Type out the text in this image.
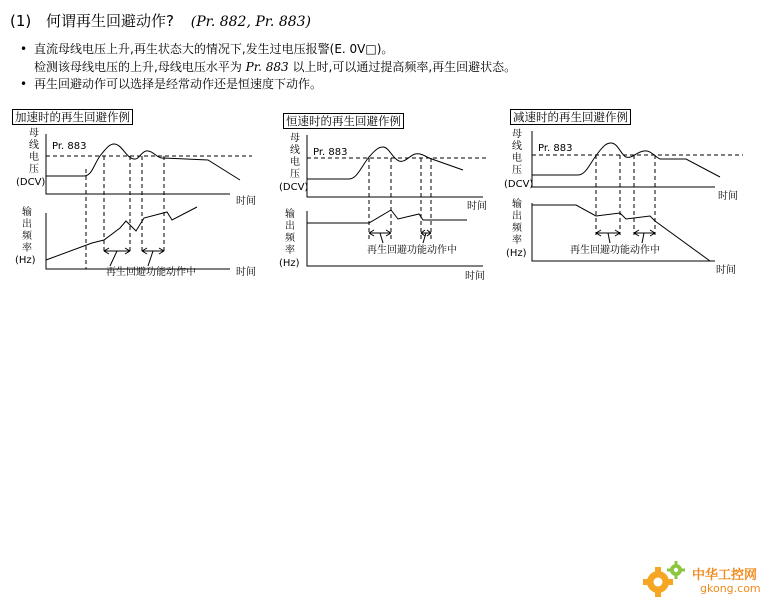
(1) 何谓再生回避动作? (Pr. 882, Pr. 883)
• 直流母线电压上升,再生状态大的情况下,发生过电压报警(E. 0V□)。
检测该母线电压的上升,母线电压水平为 Pr. 883 以上时,可以通过提高频率,再生回避状态。
• 再生回避动作可以选择是经常动作还是恒速度下动作。
加速时的再生回避作例
母
线
电
压
(DCV)
Pr. 883
时间
输
出
频
率
(Hz)
再生回避功能动作中	时间
恒速时的再生回避作例
母
线
电
压
(DCV)
Pr. 883
时间
输
出
频
率
(Hz)
再生回避功能动作中
时间
减速时的再生回避作例
母
线
电
压
(DCV)
Pr. 883
时间
输
出
频
率
(Hz)	再生回避功能动作中
时间
中华工控网
gkong.com
